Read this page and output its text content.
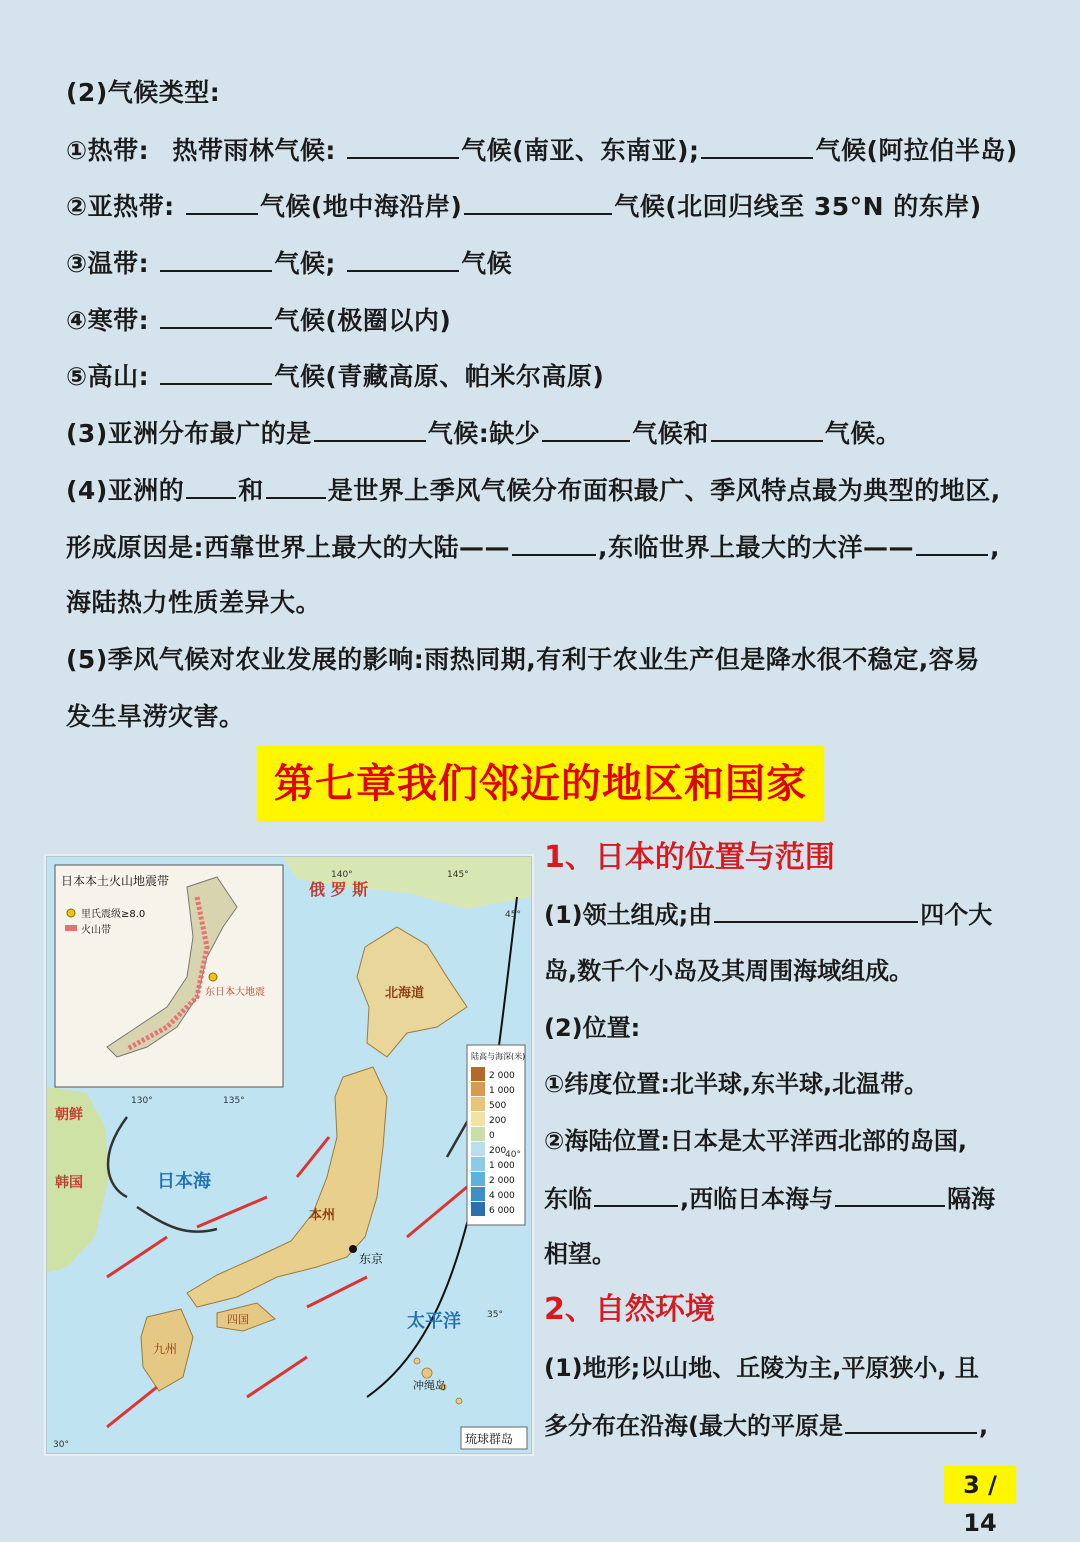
(2)气候类型:
①热带: 热带雨林气候:	气候(南亚、东南亚);	气候(阿拉伯半岛)
②亚热带:	气候(地中海沿岸)	气候(北回归线至 35°N 的东岸)
③温带:	气候;	气候
④寒带:	气候(极圈以内)
⑤高山:	气候(青藏高原、帕米尔高原)
(3)亚洲分布最广的是	气候:缺少	气候和	气候。
(4)亚洲的 和	是世界上季风气候分布面积最广、季风特点最为典型的地区,
形成原因是:西靠世界上最大的大陆——	,东临世界上最大的大洋——	,
海陆热力性质差异大。
(5)季风气候对农业发展的影响:雨热同期,有利于农业生产但是降水很不稳定,容易
发生旱涝灾害。
第七章我们邻近的地区和国家
俄 罗 斯
朝鲜
韩国
北海道
本州
东京
四国
九州
冲绳岛
日本海
太平洋
日本本土火山地震带
里氏震级≥8.0
火山带
东日本大地震
陆高与海深(米)
2 000
1 000
500
200
0
200
1 000
2 000
4 000
6 000
琉球群岛
130°	135°
140°	145°
30°
35°
40°
45°
1、日本的位置与范围
(1)领土组成;由	四个大
岛,数千个小岛及其周围海域组成。
(2)位置:
①纬度位置:北半球,东半球,北温带。
②海陆位置:日本是太平洋西北部的岛国,
东临	,西临日本海与	隔海
相望。
2、自然环境
(1)地形;以山地、丘陵为主,平原狭小, 且
多分布在沿海(最大的平原是	,
3 / 14
